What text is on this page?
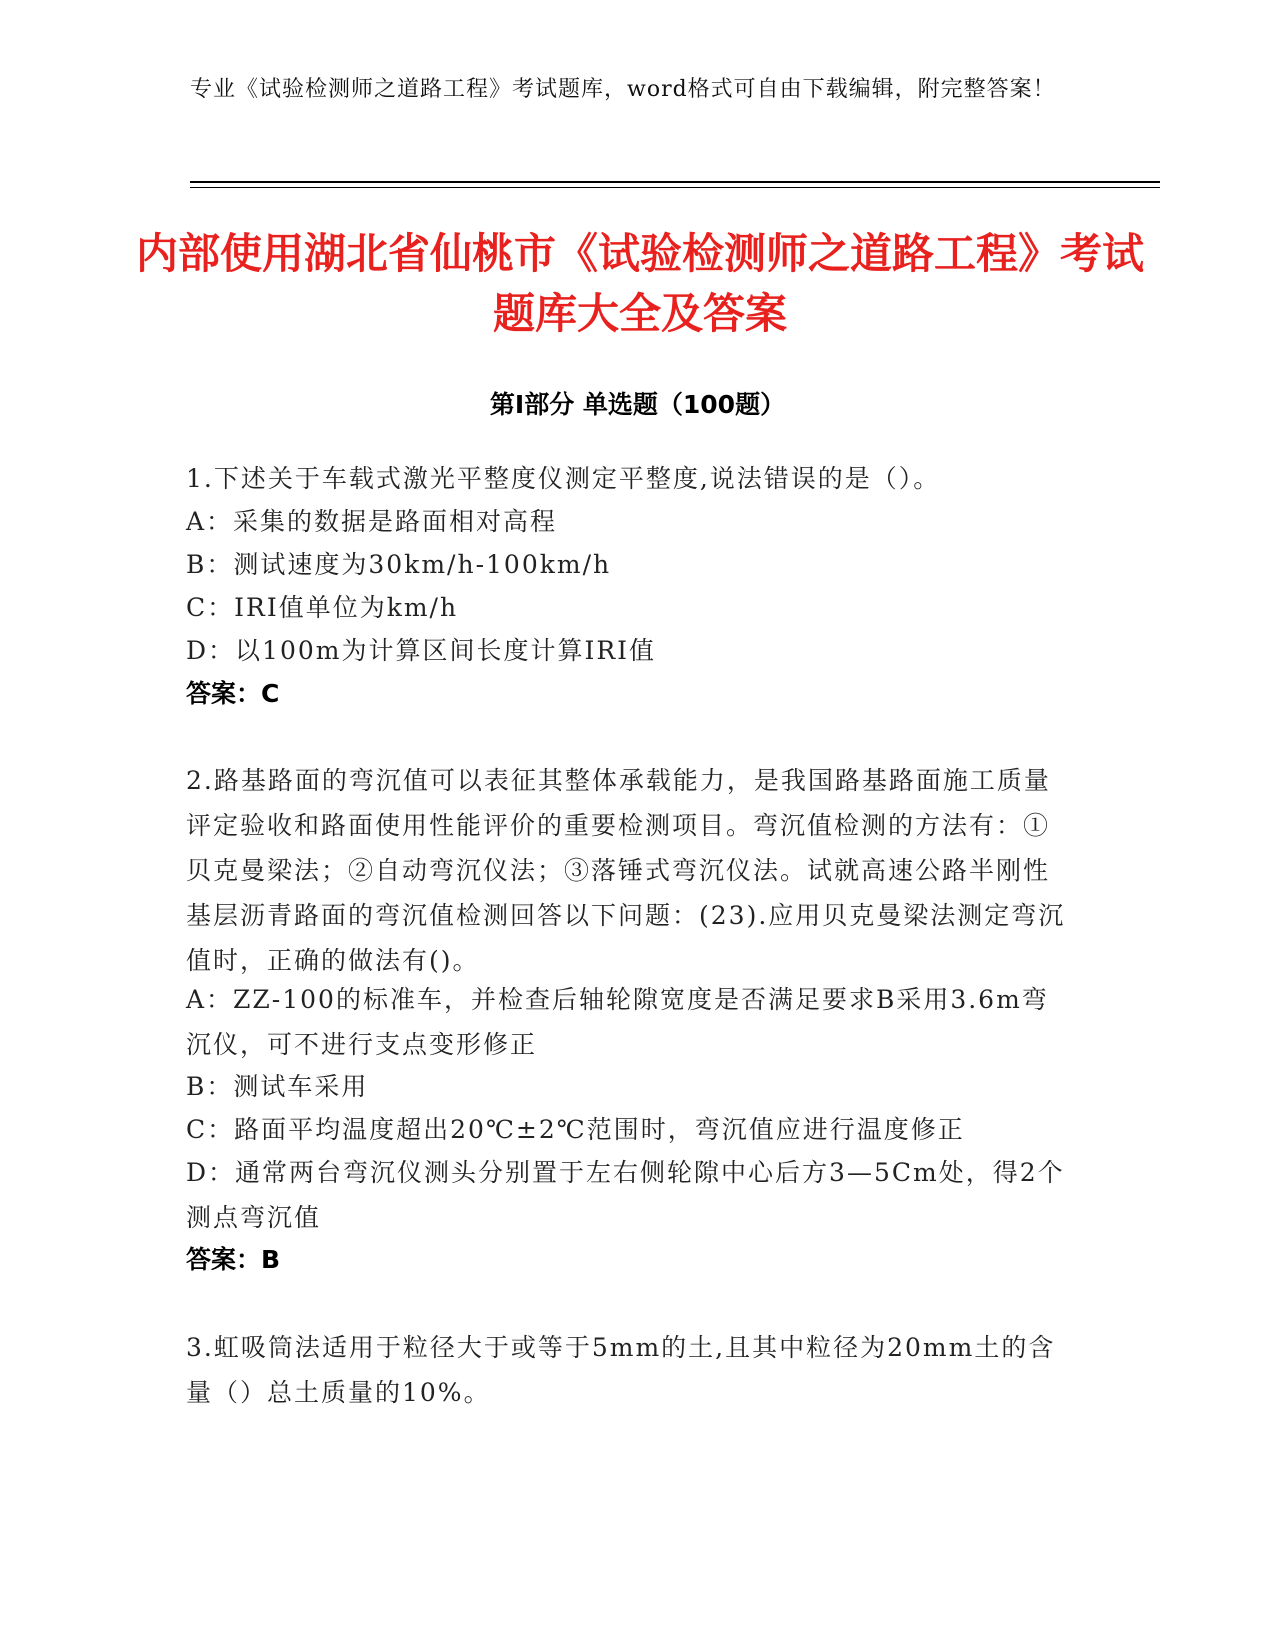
专业《试验检测师之道路工程》考试题库，word格式可自由下载编辑，附完整答案！
内部使用湖北省仙桃市《试验检测师之道路工程》考试题库大全及答案
第Ⅰ部分 单选题（100题）
1.下述关于车载式激光平整度仪测定平整度,说法错误的是（）。
A：采集的数据是路面相对高程
B：测试速度为30km/h-100km/h
C：IRI值单位为km/h
D：以100m为计算区间长度计算IRI值
答案：C
2.路基路面的弯沉值可以表征其整体承载能力，是我国路基路面施工质量评定验收和路面使用性能评价的重要检测项目。弯沉值检测的方法有：①贝克曼梁法；②自动弯沉仪法；③落锤式弯沉仪法。试就高速公路半刚性基层沥青路面的弯沉值检测回答以下问题：(23).应用贝克曼梁法测定弯沉值时，正确的做法有()。
A：ZZ-100的标准车，并检查后轴轮隙宽度是否满足要求B采用3.6m弯沉仪，可不进行支点变形修正
B：测试车采用
C：路面平均温度超出20℃±2℃范围时，弯沉值应进行温度修正
D：通常两台弯沉仪测头分别置于左右侧轮隙中心后方3—5Cm处，得2个测点弯沉值
答案：B
3.虹吸筒法适用于粒径大于或等于5mm的土,且其中粒径为20mm土的含量（）总土质量的10%。
